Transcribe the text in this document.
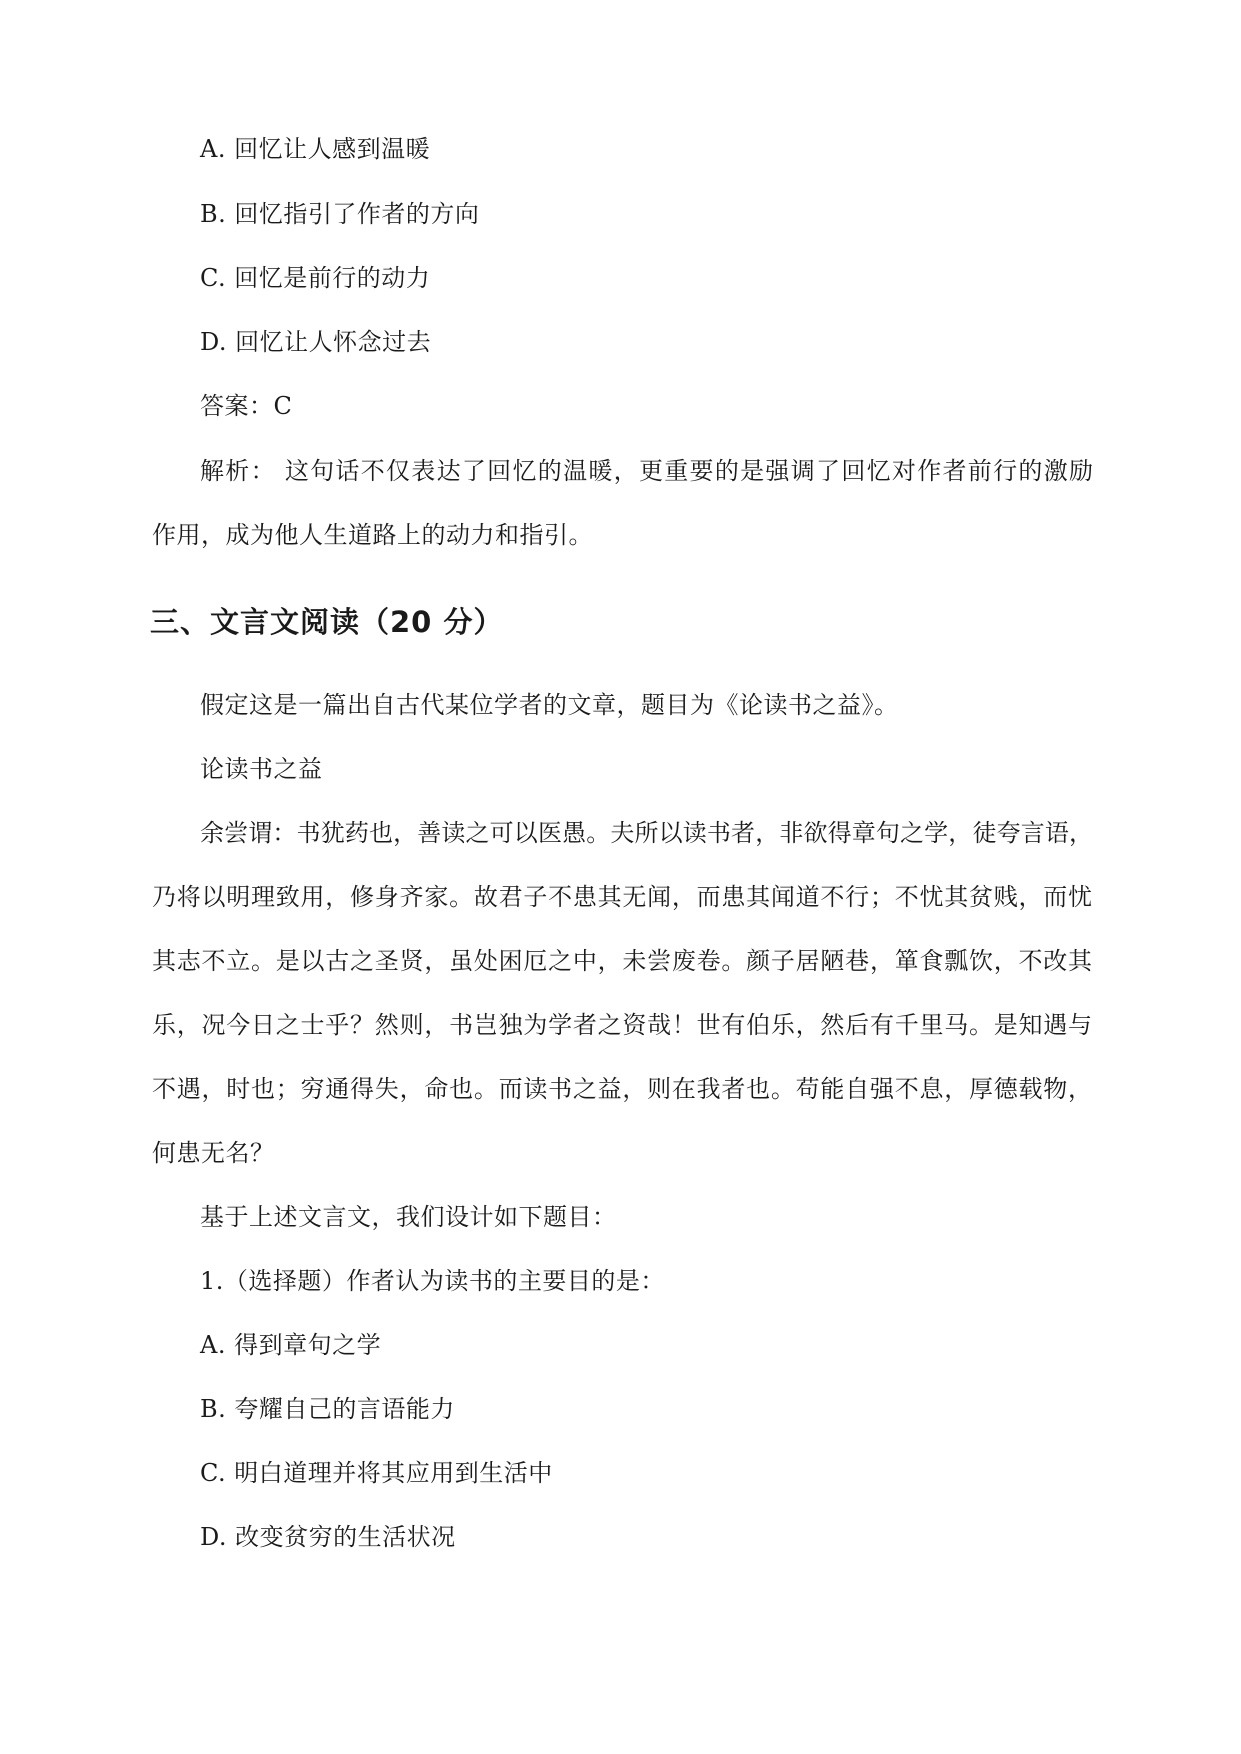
A. 回忆让人感到温暖
B. 回忆指引了作者的方向
C. 回忆是前行的动力
D. 回忆让人怀念过去
答案：C
解析： 这句话不仅表达了回忆的温暖，更重要的是强调了回忆对作者前行的激励
作用，成为他人生道路上的动力和指引。
三、文言文阅读（20 分）
假定这是一篇出自古代某位学者的文章，题目为《论读书之益》。
论读书之益
余尝谓：书犹药也，善读之可以医愚。夫所以读书者，非欲得章句之学，徒夸言语，
乃将以明理致用，修身齐家。故君子不患其无闻，而患其闻道不行；不忧其贫贱，而忧
其志不立。是以古之圣贤，虽处困厄之中，未尝废卷。颜子居陋巷，箪食瓢饮，不改其
乐，况今日之士乎？然则，书岂独为学者之资哉！世有伯乐，然后有千里马。是知遇与
不遇，时也；穷通得失，命也。而读书之益，则在我者也。苟能自强不息，厚德载物，
何患无名？
基于上述文言文，我们设计如下题目：
1.（选择题）作者认为读书的主要目的是：
A. 得到章句之学
B. 夸耀自己的言语能力
C. 明白道理并将其应用到生活中
D. 改变贫穷的生活状况
